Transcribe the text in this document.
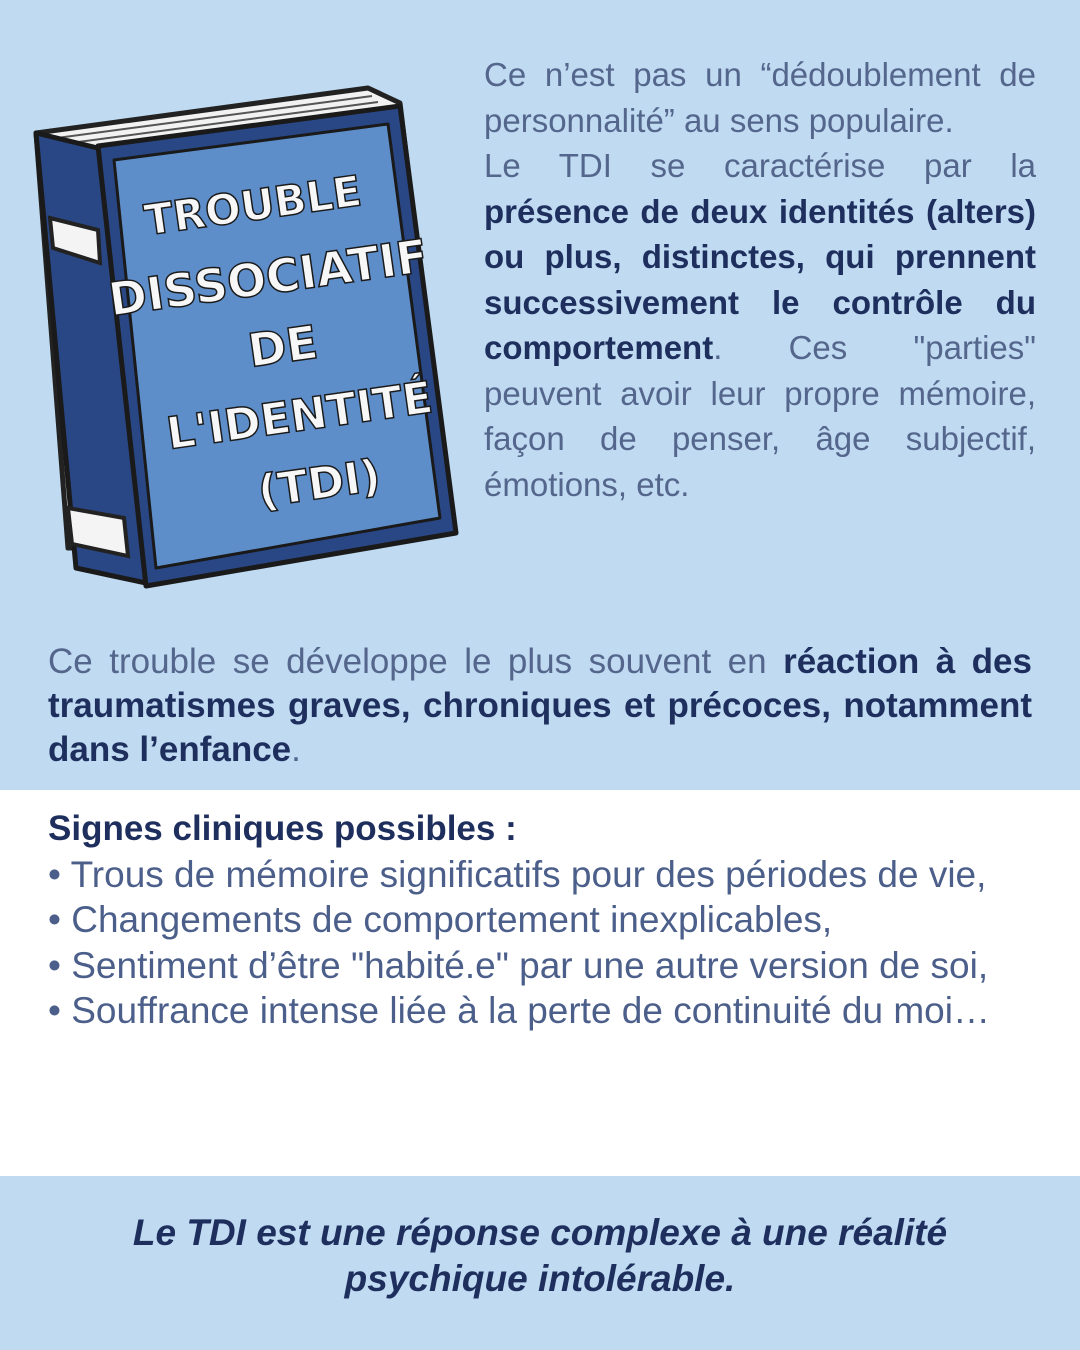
TROUBLE
DISSOCIATIF
DE
L'IDENTITÉ
(TDI)

Ce n’est pas un “dédoublement de personnalité” au sens populaire.

Le TDI se caractérise par la présence de deux identités (alters) ou plus, distinctes, qui prennent successivement le contrôle du comportement. Ces "parties" peuvent avoir leur propre mémoire, façon de penser, âge subjectif, émotions, etc.

Ce trouble se développe le plus souvent en réaction à des traumatismes graves, chroniques et précoces, notamment dans l’enfance.

Signes cliniques possibles :

• Trous de mémoire significatifs pour des périodes de vie,
• Changements de comportement inexplicables,
• Sentiment d’être "habité.e" par une autre version de soi,
• Souffrance intense liée à la perte de continuité du moi…
Le TDI est une réponse complexe à une réalité
psychique intolérable.
